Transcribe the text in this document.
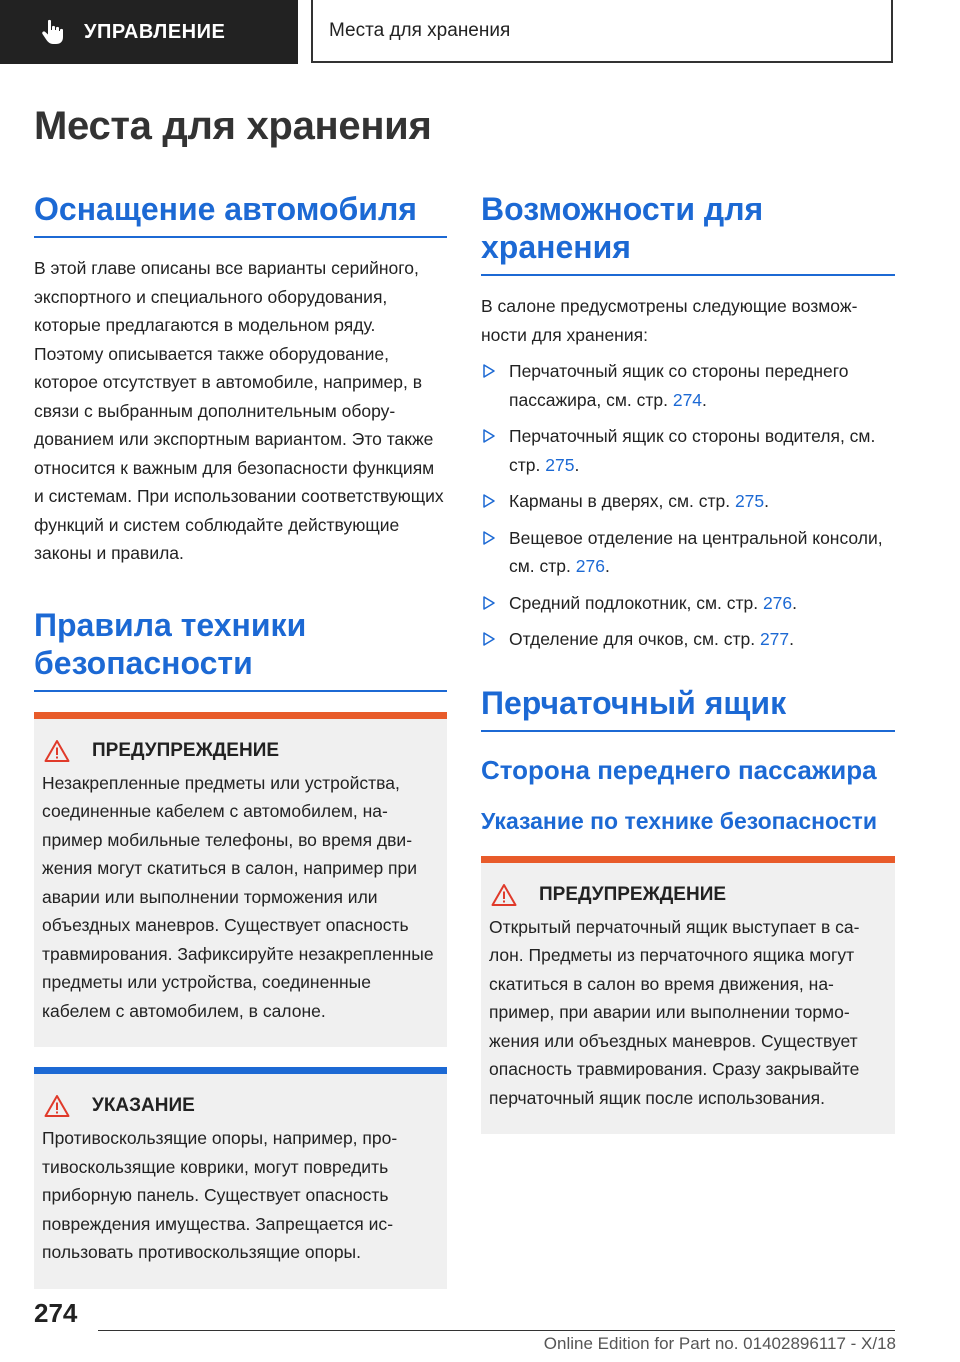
УПРАВЛЕНИЕ	Места для хранения
Места для хранения
Оснащение автомобиля

В этой главе описаны все варианты серийного, экспортного и специального оборудования, которые предлагаются в модельном ряду. Поэтому описывается также оборудование, которое отсутствует в автомобиле, например, в связи с выбранным дополнительным оборудованием или экспортным вариантом. Это также относится к важным для безопасности функциям и системам. При использовании соответствующих функций и систем соблюдайте действующие законы и правила.

Правила техники безопасности
ПРЕДУПРЕЖДЕНИЕ

Незакрепленные предметы или устройства, соединенные кабелем с автомобилем, например мобильные телефоны, во время движения могут скатиться в салон, например при аварии или выполнении торможения или объездных маневров. Существует опасность травмирования. Зафиксируйте незакрепленные предметы или устройства, соединенные кабелем с автомобилем, в салоне.

УКАЗАНИЕ

Противоскользящие опоры, например, противоскользящие коврики, могут повредить приборную панель. Существует опасность повреждения имущества. Запрещается использовать противоскользящие опоры.

Возможности для хранения

В салоне предусмотрены следующие возможности для хранения:

Перчаточный ящик со стороны переднего пассажира, см. стр. 274.
Перчаточный ящик со стороны водителя, см. стр. 275.
Карманы в дверях, см. стр. 275.
Вещевое отделение на центральной консоли, см. стр. 276.
Средний подлокотник, см. стр. 276.
Отделение для очков, см. стр. 277.
Перчаточный ящик
Сторона переднего пассажира
Указание по технике безопасности
ПРЕДУПРЕЖДЕНИЕ

Открытый перчаточный ящик выступает в салон. Предметы из перчаточного ящика могут скатиться в салон во время движения, например, при аварии или выполнении торможения или объездных маневров. Существует опасность травмирования. Сразу закрывайте перчаточный ящик после использования.

274
Online Edition for Part no. 01402896117 - X/18
